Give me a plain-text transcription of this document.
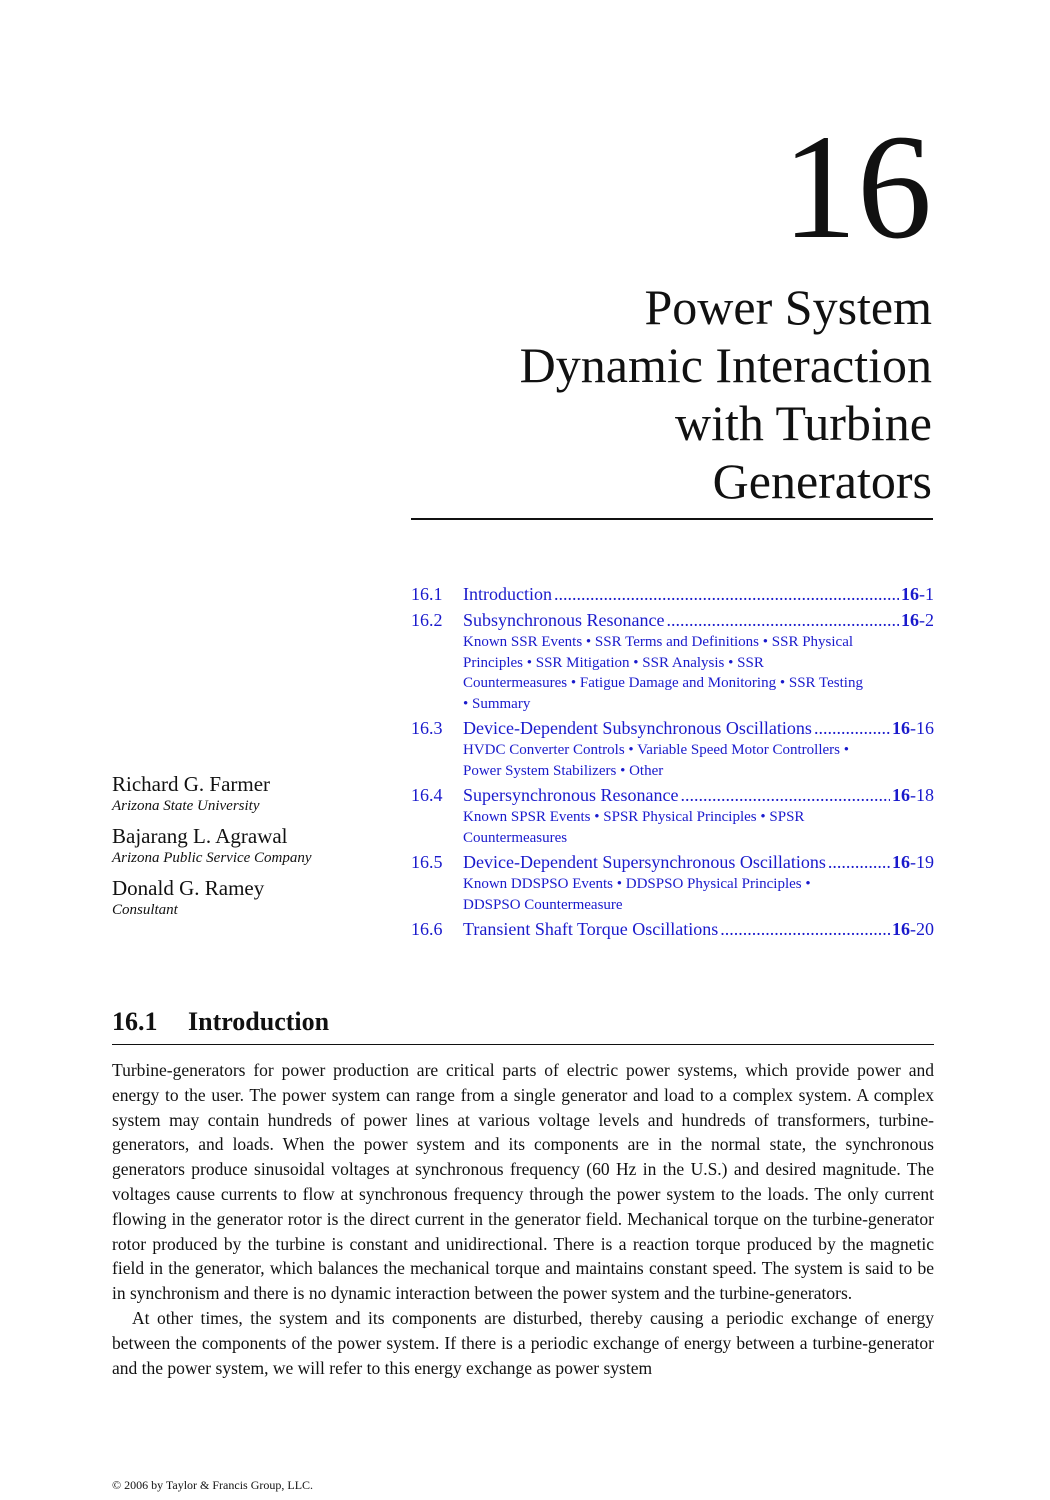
16
Power System
Dynamic Interaction
with Turbine
Generators
16.1	Introduction .....	16-1
16.2	Subsynchronous Resonance .....	16-2
Known SSR Events • SSR Terms and Definitions • SSR Physical Principles • SSR Mitigation • SSR Analysis • SSR Countermeasures • Fatigue Damage and Monitoring • SSR Testing • Summary
16.3	Device-Dependent Subsynchronous Oscillations .....	16-16
HVDC Converter Controls • Variable Speed Motor Controllers • Power System Stabilizers • Other
16.4	Supersynchronous Resonance .....	16-18
Known SPSR Events • SPSR Physical Principles • SPSR Countermeasures
16.5	Device-Dependent Supersynchronous Oscillations .....	16-19
Known DDSPSO Events • DDSPSO Physical Principles • DDSPSO Countermeasure
16.6	Transient Shaft Torque Oscillations .....	16-20
Richard G. Farmer
Arizona State University
Bajarang L. Agrawal
Arizona Public Service Company
Donald G. Ramey
Consultant
16.1 Introduction

Turbine-generators for power production are critical parts of electric power systems, which provide power and energy to the user. The power system can range from a single generator and load to a complex system. A complex system may contain hundreds of power lines at various voltage levels and hundreds of transformers, turbine-generators, and loads. When the power system and its components are in the normal state, the synchronous generators produce sinusoidal voltages at synchronous frequency (60 Hz in the U.S.) and desired magnitude. The voltages cause currents to flow at synchronous frequency through the power system to the loads. The only current flowing in the generator rotor is the direct current in the generator field. Mechanical torque on the turbine-generator rotor produced by the turbine is constant and unidirectional. There is a reaction torque produced by the magnetic field in the generator, which balances the mechanical torque and maintains constant speed. The system is said to be in synchronism and there is no dynamic interaction between the power system and the turbine-generators.

At other times, the system and its components are disturbed, thereby causing a periodic exchange of energy between the components of the power system. If there is a periodic exchange of energy between a turbine-generator and the power system, we will refer to this energy exchange as power system

© 2006 by Taylor & Francis Group, LLC.
